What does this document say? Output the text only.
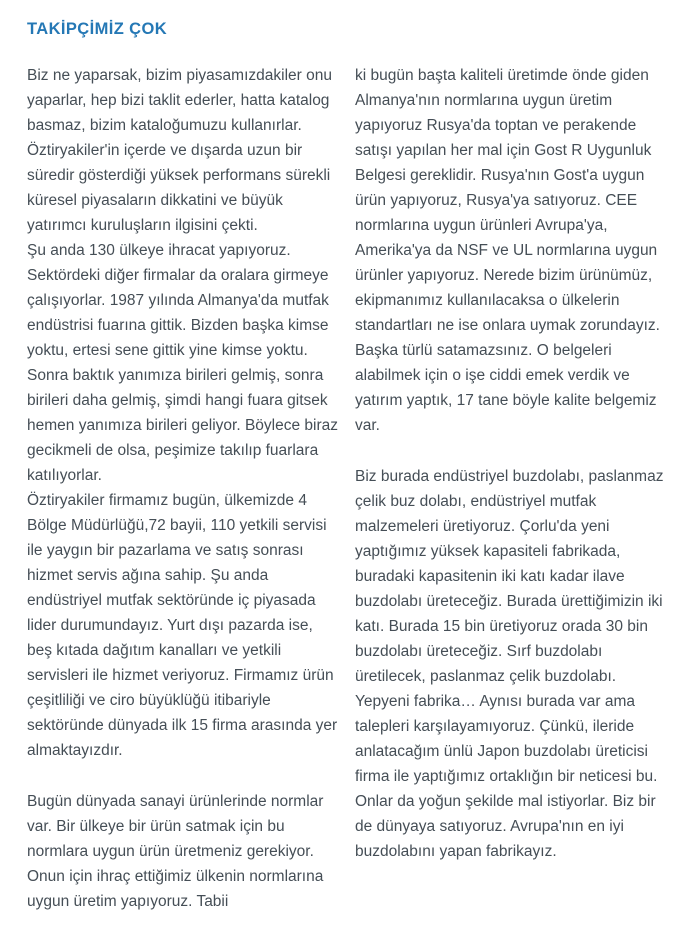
TAKİPÇİMİZ ÇOK

Biz ne yaparsak, bizim piyasamızdakiler onu yaparlar, hep bizi taklit ederler, hatta katalog basmaz, bizim kataloğumuzu kullanırlar. Öztiryakiler'in içerde ve dışarda uzun bir süredir gösterdiği yüksek performans sürekli küresel piyasaların dikkatini ve büyük yatırımcı kuruluşların ilgisini çekti.

Şu anda 130 ülkeye ihracat yapıyoruz. Sektördeki diğer firmalar da oralara girmeye çalışıyorlar. 1987 yılında Almanya'da mutfak endüstrisi fuarına gittik. Bizden başka kimse yoktu, ertesi sene gittik yine kimse yoktu. Sonra baktık yanımıza birileri gelmiş, sonra birileri daha gelmiş, şimdi hangi fuara gitsek hemen yanımıza birileri geliyor. Böylece biraz gecikmeli de olsa, peşimize takılıp fuarlara katılıyorlar.

Öztiryakiler firmamız bugün, ülkemizde 4 Bölge Müdürlüğü,72 bayii, 110 yetkili servisi ile yaygın bir pazarlama ve satış sonrası hizmet servis ağına sahip. Şu anda endüstriyel mutfak sektöründe iç piyasada lider durumundayız. Yurt dışı pazarda ise, beş kıtada dağıtım kanalları ve yetkili servisleri ile hizmet veriyoruz. Firmamız ürün çeşitliliği ve ciro büyüklüğü itibariyle sektöründe dünyada ilk 15 firma arasında yer almaktayızdır.

Bugün dünyada sanayi ürünlerinde normlar var. Bir ülkeye bir ürün satmak için bu normlara uygun ürün üretmeniz gerekiyor. Onun için ihraç ettiğimiz ülkenin normlarına uygun üretim yapıyoruz. Tabii

ki bugün başta kaliteli üretimde önde giden Almanya'nın normlarına uygun üretim yapıyoruz Rusya'da toptan ve perakende satışı yapılan her mal için Gost R Uygunluk Belgesi gereklidir. Rusya'nın Gost'a uygun ürün yapıyoruz, Rusya'ya satıyoruz. CEE normlarına uygun ürünleri Avrupa'ya, Amerika'ya da NSF ve UL normlarına uygun ürünler yapıyoruz. Nerede bizim ürünümüz, ekipmanımız kullanılacaksa o ülkelerin standartları ne ise onlara uymak zorundayız. Başka türlü satamazsınız. O belgeleri alabilmek için o işe ciddi emek verdik ve yatırım yaptık, 17 tane böyle kalite belgemiz var.

Biz burada endüstriyel buzdolabı, paslanmaz çelik buz dolabı, endüstriyel mutfak malzemeleri üretiyoruz. Çorlu'da yeni yaptığımız yüksek kapasiteli fabrikada, buradaki kapasitenin iki katı kadar ilave buzdolabı üreteceğiz. Burada ürettiğimizin iki katı. Burada 15 bin üretiyoruz orada 30 bin buzdolabı üreteceğiz. Sırf buzdolabı üretilecek, paslanmaz çelik buzdolabı. Yepyeni fabrika… Aynısı burada var ama talepleri karşılayamıyoruz. Çünkü, ileride anlatacağım ünlü Japon buzdolabı üreticisi firma ile yaptığımız ortaklığın bir neticesi bu. Onlar da yoğun şekilde mal istiyorlar. Biz bir de dünyaya satıyoruz. Avrupa'nın en iyi buzdolabını yapan fabrikayız.
